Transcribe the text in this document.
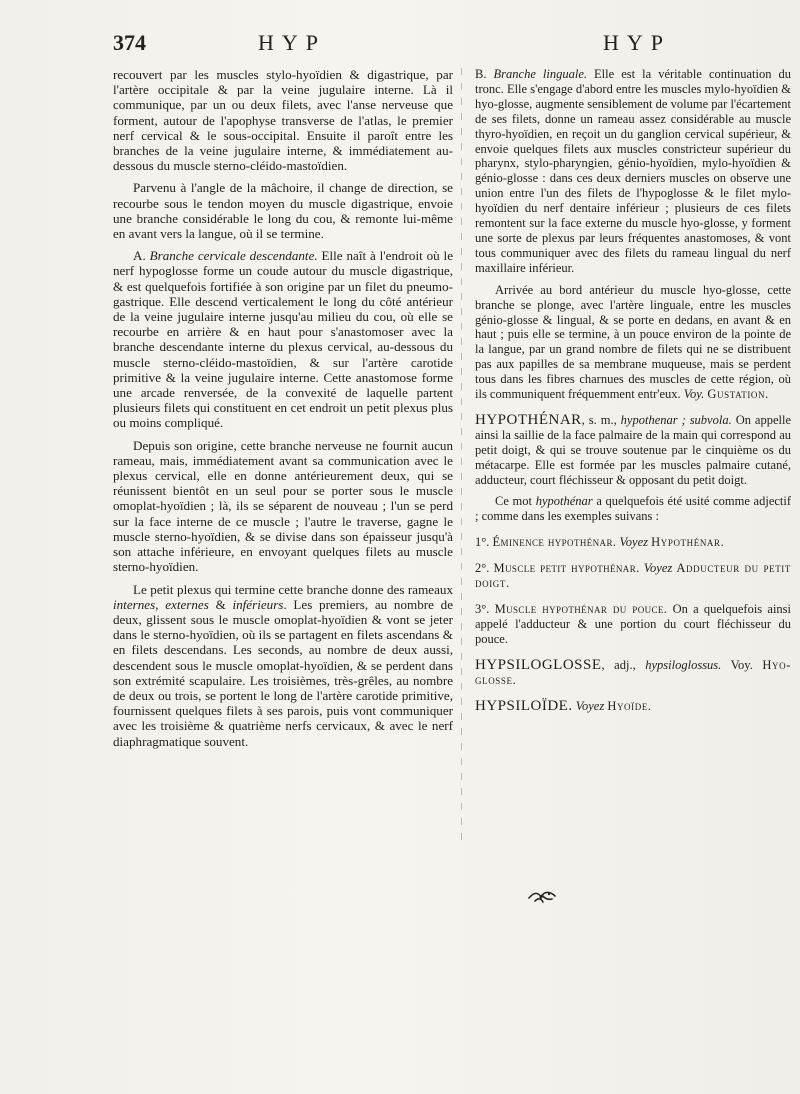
374	HYP	HYP

recouvert par les muscles stylo-hyoïdien & digastrique, par l'artère occipitale & par la veine jugulaire interne. Là il communique, par un ou deux filets, avec l'anse nerveuse que forment, autour de l'apophyse transverse de l'atlas, le premier nerf cervical & le sous-occipital. Ensuite il paroît entre les branches de la veine jugulaire interne, & immédiatement au-dessous du muscle sterno-cléido-mastoïdien.

Parvenu à l'angle de la mâchoire, il change de direction, se recourbe sous le tendon moyen du muscle digastrique, envoie une branche considérable le long du cou, & remonte lui-même en avant vers la langue, où il se termine.

A. Branche cervicale descendante. Elle naît à l'endroit où le nerf hypoglosse forme un coude autour du muscle digastrique, & est quelquefois fortifiée à son origine par un filet du pneumo-gastrique. Elle descend verticalement le long du côté antérieur de la veine jugulaire interne jusqu'au milieu du cou, où elle se recourbe en arrière & en haut pour s'anastomoser avec la branche descendante interne du plexus cervical, au-dessous du muscle sterno-cléido-mastoïdien, & sur l'artère carotide primitive & la veine jugulaire interne. Cette anastomose forme une arcade renversée, de la convexité de laquelle partent plusieurs filets qui constituent en cet endroit un petit plexus plus ou moins compliqué.

Depuis son origine, cette branche nerveuse ne fournit aucun rameau, mais, immédiatement avant sa communication avec le plexus cervical, elle en donne antérieurement deux, qui se réunissent bientôt en un seul pour se porter sous le muscle omoplat-hyoïdien ; là, ils se séparent de nouveau ; l'un se perd sur la face interne de ce muscle ; l'autre le traverse, gagne le muscle sterno-hyoïdien, & se divise dans son épaisseur jusqu'à son attache inférieure, en envoyant quelques filets au muscle sterno-hyoïdien.

Le petit plexus qui termine cette branche donne des rameaux internes, externes & inférieurs. Les premiers, au nombre de deux, glissent sous le muscle omoplat-hyoïdien & vont se jeter dans le sterno-hyoïdien, où ils se partagent en filets ascendans & en filets descendans. Les seconds, au nombre de deux aussi, descendent sous le muscle omoplat-hyoïdien, & se perdent dans son extrémité scapulaire. Les troisièmes, très-grêles, au nombre de deux ou trois, se portent le long de l'artère carotide primitive, fournissent quelques filets à ses parois, puis vont communiquer avec les troisième & quatrième nerfs cervicaux, & avec le nerf diaphragmatique souvent.

B. Branche linguale. Elle est la véritable continuation du tronc. Elle s'engage d'abord entre les muscles mylo-hyoïdien & hyo-glosse, augmente sensiblement de volume par l'écartement de ses filets, donne un rameau assez considérable au muscle thyro-hyoïdien, en reçoit un du ganglion cervical supérieur, & envoie quelques filets aux muscles constricteur supérieur du pharynx, stylo-pharyngien, génio-hyoïdien, mylo-hyoïdien & génio-glosse : dans ces deux derniers muscles on observe une union entre l'un des filets de l'hypoglosse & le filet mylo-hyoïdien du nerf dentaire inférieur ; plusieurs de ces filets remontent sur la face externe du muscle hyo-glosse, y forment une sorte de plexus par leurs fréquentes anastomoses, & vont tous communiquer avec des filets du rameau lingual du nerf maxillaire inférieur.

Arrivée au bord antérieur du muscle hyo-glosse, cette branche se plonge, avec l'artère linguale, entre les muscles génio-glosse & lingual, & se porte en dedans, en avant & en haut ; puis elle se termine, à un pouce environ de la pointe de la langue, par un grand nombre de filets qui ne se distribuent pas aux papilles de sa membrane muqueuse, mais se perdent tous dans les fibres charnues des muscles de cette région, où ils communiquent fréquemment entr'eux. Voy. Gustation.

HYPOTHÉNAR, s. m., hypothenar ; subvola. On appelle ainsi la saillie de la face palmaire de la main qui correspond au petit doigt, & qui se trouve soutenue par le cinquième os du métacarpe. Elle est formée par les muscles palmaire cutané, adducteur, court fléchisseur & opposant du petit doigt.

Ce mot hypothénar a quelquefois été usité comme adjectif ; comme dans les exemples suivans :

1°. Éminence hypothénar. Voyez Hypothénar.

2°. Muscle petit hypothénar. Voyez Adducteur du petit doigt.

3°. Muscle hypothénar du pouce. On a quelquefois ainsi appelé l'adducteur & une portion du court fléchisseur du pouce.

HYPSILOGLOSSE, adj., hypsiloglossus. Voy. Hyo-glosse.

HYPSILOÏDE. Voyez Hyoïde.
